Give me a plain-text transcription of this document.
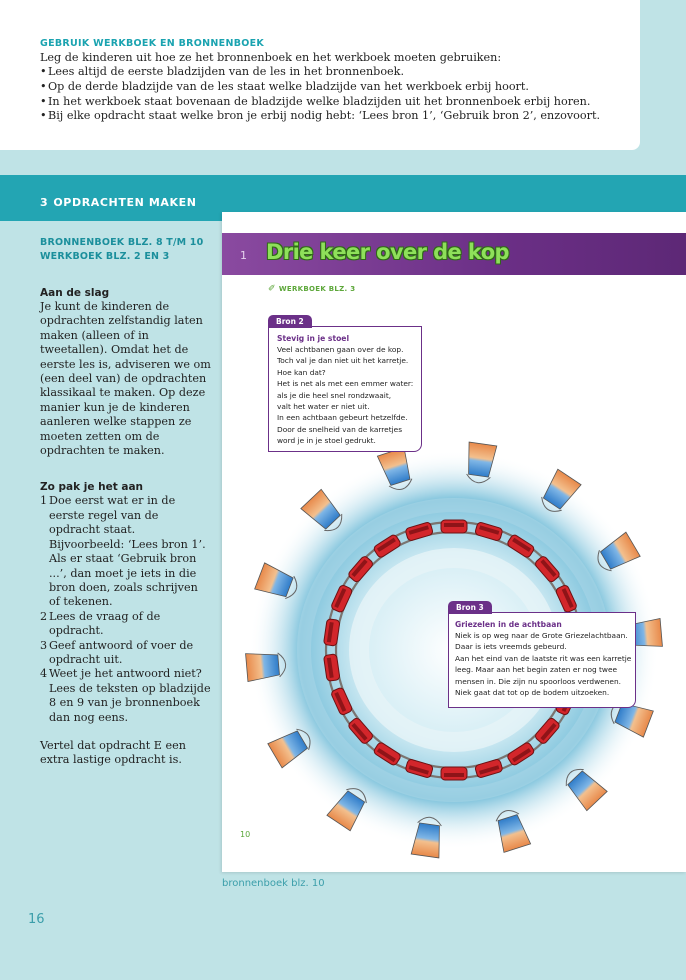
GEBRUIK WERKBOEK EN BRONNENBOEK

Leg de kinderen uit hoe ze het bronnenboek en het werkboek moeten gebruiken:

• Lees altijd de eerste bladzijden van de les in het bronnenboek.
• Op de derde bladzijde van de les staat welke bladzijde van het werkboek erbij hoort.
• In het werkboek staat bovenaan de bladzijde welke bladzijden uit het bronnenboek erbij horen.
• Bij elke opdracht staat welke bron je erbij nodig hebt: ‘Lees bron 1’, ‘Gebruik bron 2’, enzovoort.
3 OPDRACHTEN MAKEN
BRONNENBOEK BLZ. 8 T/M 10
WERKBOEK BLZ. 2 EN 3
Aan de slag

Je kunt de kinderen de opdrachten zelfstandig laten maken (alleen of in tweetallen). Omdat het de eerste les is, adviseren we om (een deel van) de opdrachten klassikaal te maken. Op deze manier kun je de kinderen aanleren welke stappen ze moeten zetten om de opdrachten te maken.

Zo pak je het aan
1 Doe eerst wat er in de eerste regel van de opdracht staat. Bijvoorbeeld: ‘Lees bron 1’.
Als er staat ‘Gebruik bron ...’, dan moet je iets in die bron doen, zoals schrijven of tekenen.
2 Lees de vraag of de opdracht.
3 Geef antwoord of voer de opdracht uit.
4 Weet je het antwoord niet? Lees de teksten op bladzijde 8 en 9 van je bronnenboek dan nog eens.

Vertel dat opdracht E een extra lastige opdracht is.

1 Drie keer over de kop
✐ WERKBOEK BLZ. 3
Bron 2
Stevig in je stoel
Veel achtbanen gaan over de kop.
Toch val je dan niet uit het karretje.
Hoe kan dat?
Het is net als met een emmer water:
als je die heel snel rondzwaait,
valt het water er niet uit.
In een achtbaan gebeurt hetzelfde.
Door de snelheid van de karretjes
word je in je stoel gedrukt.
Bron 3
Griezelen in de achtbaan
Niek is op weg naar de Grote Griezelachtbaan.
Daar is iets vreemds gebeurd.
Aan het eind van de laatste rit was een karretje
leeg. Maar aan het begin zaten er nog twee
mensen in. Die zijn nu spoorloos verdwenen.
Niek gaat dat tot op de bodem uitzoeken.
10
bronnenboek blz. 10
16
